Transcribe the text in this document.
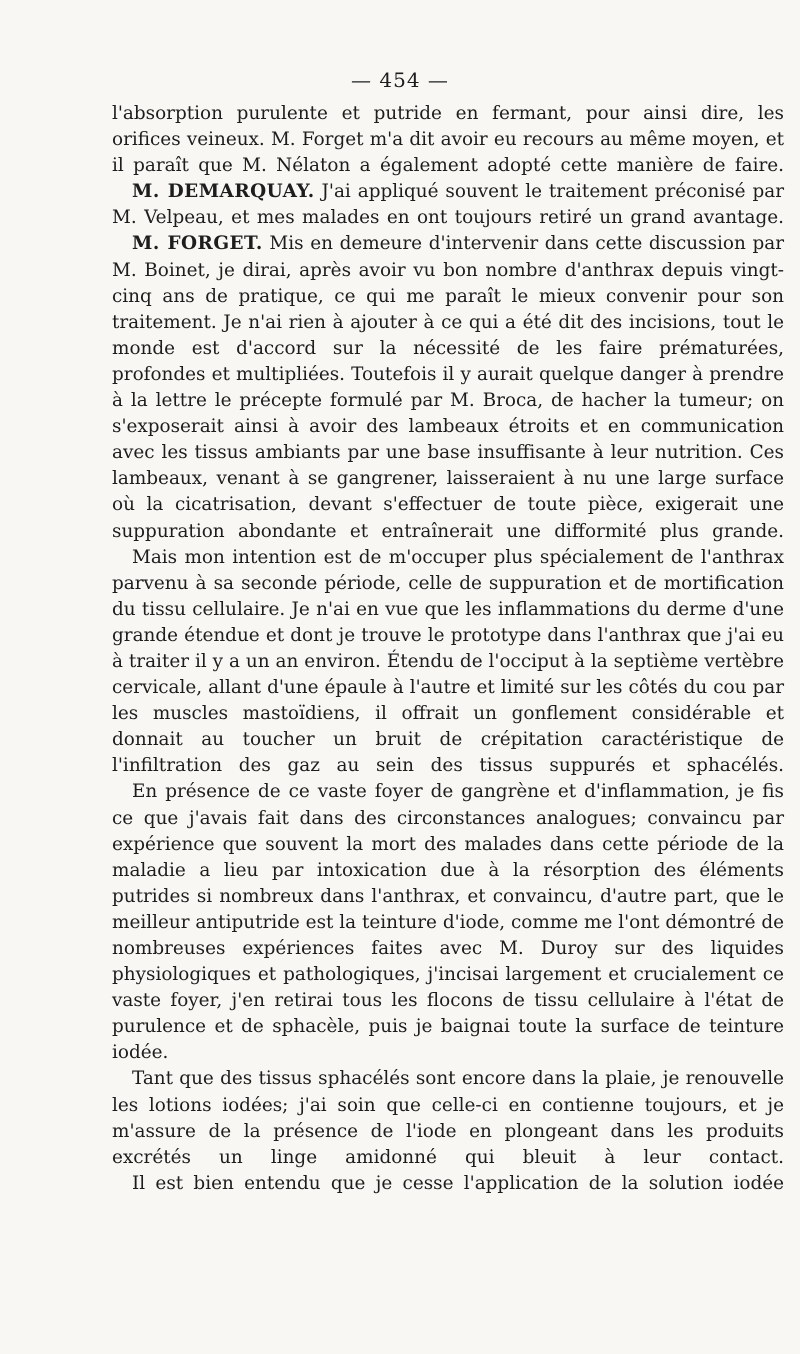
— 454 —

l'absorption purulente et putride en fermant, pour ainsi dire, les orifices veineux. M. Forget m'a dit avoir eu recours au même moyen, et il paraît que M. Nélaton a également adopté cette manière de faire.

M. DEMARQUAY. J'ai appliqué souvent le traitement préconisé par M. Velpeau, et mes malades en ont toujours retiré un grand avantage.

M. FORGET. Mis en demeure d'intervenir dans cette discussion par M. Boinet, je dirai, après avoir vu bon nombre d'anthrax depuis vingt-cinq ans de pratique, ce qui me paraît le mieux convenir pour son traitement. Je n'ai rien à ajouter à ce qui a été dit des incisions, tout le monde est d'accord sur la nécessité de les faire prématurées, profondes et multipliées. Toutefois il y aurait quelque danger à prendre à la lettre le précepte formulé par M. Broca, de hacher la tumeur; on s'exposerait ainsi à avoir des lambeaux étroits et en communication avec les tissus ambiants par une base insuffisante à leur nutrition. Ces lambeaux, venant à se gangrener, laisseraient à nu une large surface où la cicatrisation, devant s'effectuer de toute pièce, exigerait une suppuration abondante et entraînerait une difformité plus grande.

Mais mon intention est de m'occuper plus spécialement de l'anthrax parvenu à sa seconde période, celle de suppuration et de mortification du tissu cellulaire. Je n'ai en vue que les inflammations du derme d'une grande étendue et dont je trouve le prototype dans l'anthrax que j'ai eu à traiter il y a un an environ. Étendu de l'occiput à la septième vertèbre cervicale, allant d'une épaule à l'autre et limité sur les côtés du cou par les muscles mastoïdiens, il offrait un gonflement considérable et donnait au toucher un bruit de crépitation caractéristique de l'infiltration des gaz au sein des tissus suppurés et sphacélés.

En présence de ce vaste foyer de gangrène et d'inflammation, je fis ce que j'avais fait dans des circonstances analogues; convaincu par expérience que souvent la mort des malades dans cette période de la maladie a lieu par intoxication due à la résorption des éléments putrides si nombreux dans l'anthrax, et convaincu, d'autre part, que le meilleur antiputride est la teinture d'iode, comme me l'ont démontré de nombreuses expériences faites avec M. Duroy sur des liquides physiologiques et pathologiques, j'incisai largement et crucialement ce vaste foyer, j'en retirai tous les flocons de tissu cellulaire à l'état de purulence et de sphacèle, puis je baignai toute la surface de teinture iodée.

Tant que des tissus sphacélés sont encore dans la plaie, je renouvelle les lotions iodées; j'ai soin que celle-ci en contienne toujours, et je m'assure de la présence de l'iode en plongeant dans les produits excrétés un linge amidonné qui bleuit à leur contact.

Il est bien entendu que je cesse l'application de la solution iodée
